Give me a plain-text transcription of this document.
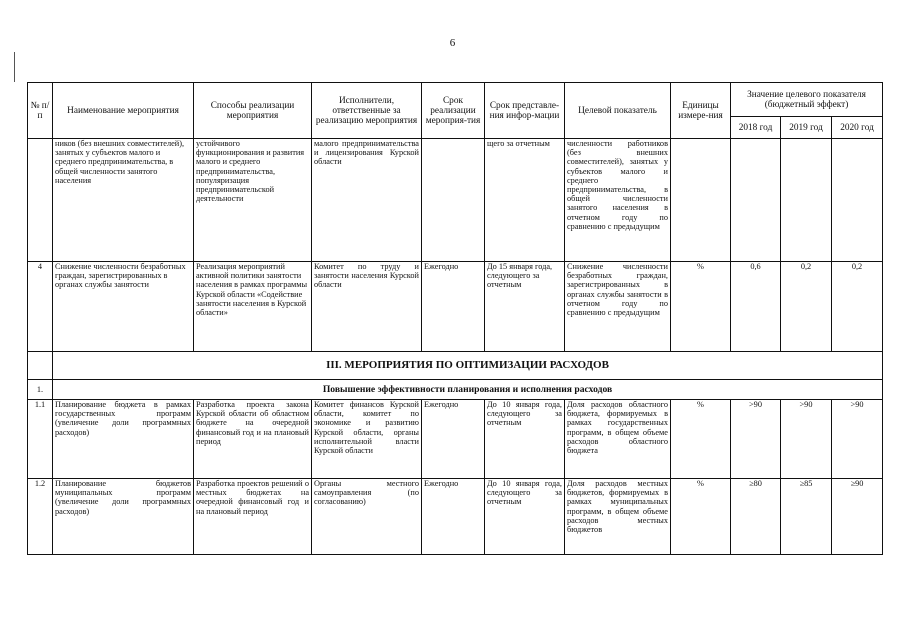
6
№ п/п	Наименование мероприятия	Способы реализации мероприятия	Исполнители, ответственные за реализацию мероприятия	Срок реализации мероприя-тия	Срок представле-ния инфор-мации	Целевой показатель	Единицы измере-ния	Значение целевого показателя (бюджетный эффект)		
								2018 год	2019 год	2020 год
	ников (без внешних совместителей), занятых у субъектов малого и среднего предпринимательства, в общей численности занятого населения	устойчивого функционирования и развития малого и среднего предпринимательства, популяризация предпринимательской деятельности	малого предпринимательства и лицензирования Курской области		щего за отчетным	численности работников (без внешних совместителей), занятых у субъектов малого и среднего предпринимательства, в общей численности занятого населения в отчетном году по сравнению с предыдущим				
4	Снижение численности безработных граждан, зарегистрированных в органах службы занятости	Реализация мероприятий активной политики занятости населения в рамках программы Курской области «Содействие занятости населения в Курской области»	Комитет по труду и занятости населения Курской области	Ежегодно	До 15 января года, следующего за отчетным	Снижение численности безработных граждан, зарегистрированных в органах службы занятости в отчетном году по сравнению с предыдущим	%	0,6	0,2	0,2
	III. МЕРОПРИЯТИЯ ПО ОПТИМИЗАЦИИ РАСХОДОВ									
1.	Повышение эффективности планирования и исполнения расходов									
1.1	Планирование бюджета в рамках государственных программ (увеличение доли программных расходов)	Разработка проекта закона Курской области об областном бюджете на очередной финансовый год и на плановый период	Комитет финансов Курской области, комитет по экономике и развитию Курской области, органы исполнительной власти Курской области	Ежегодно	До 10 января года, следующего за отчетным	Доля расходов областного бюджета, формируемых в рамках государственных программ, в общем объеме расходов областного бюджета	%	>90	>90	>90
1.2	Планирование бюджетов муниципальных программ (увеличение доли программных расходов)	Разработка проектов решений о местных бюджетах на очередной финансовый год и на плановый период	Органы местного самоуправления (по согласованию)	Ежегодно	До 10 января года, следующего за отчетным	Доля расходов местных бюджетов, формируемых в рамках муниципальных программ, в общем объеме расходов местных бюджетов	%	≥80	≥85	≥90
